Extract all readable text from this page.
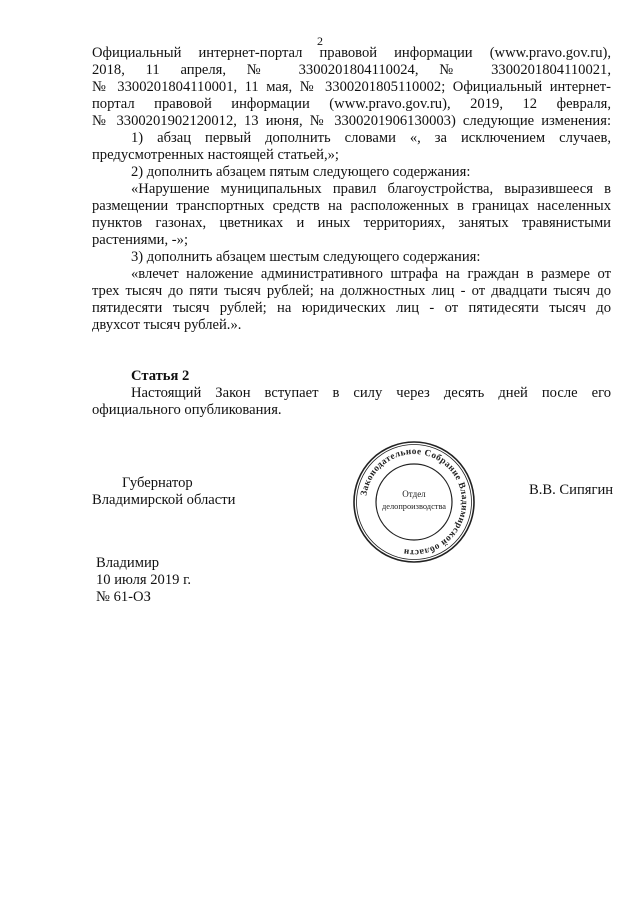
2
Официальный интернет-портал правовой информации (www.pravo.gov.ru),
2018, 11 апреля, № 3300201804110024, № 3300201804110021,
№ 3300201804110001, 11 мая, № 3300201805110002; Официальный интернет-
портал правовой информации (www.pravo.gov.ru), 2019, 12 февраля,
№ 3300201902120012, 13 июня, № 3300201906130003) следующие изменения:
1) абзац первый дополнить словами «, за исключением случаев,
предусмотренных настоящей статьей,»;
2) дополнить абзацем пятым следующего содержания:
«Нарушение муниципальных правил благоустройства, выразившееся в
размещении транспортных средств на расположенных в границах населенных
пунктов газонах, цветниках и иных территориях, занятых травянистыми
растениями, -»;
3) дополнить абзацем шестым следующего содержания:
«влечет наложение административного штрафа на граждан в размере от
трех тысяч до пяти тысяч рублей; на должностных лиц - от двадцати тысяч до
пятидесяти тысяч рублей; на юридических лиц - от пятидесяти тысяч до
двухсот тысяч рублей.».
Статья 2
Настоящий Закон вступает в силу через десять дней после его
официального опубликования.
Губернатор
Владимирской области
В.В. Сипягин
Законодательное Собрание Владимирской области
Отдел
делопроизводства
Владимир
10 июля 2019 г.
№ 61-ОЗ
